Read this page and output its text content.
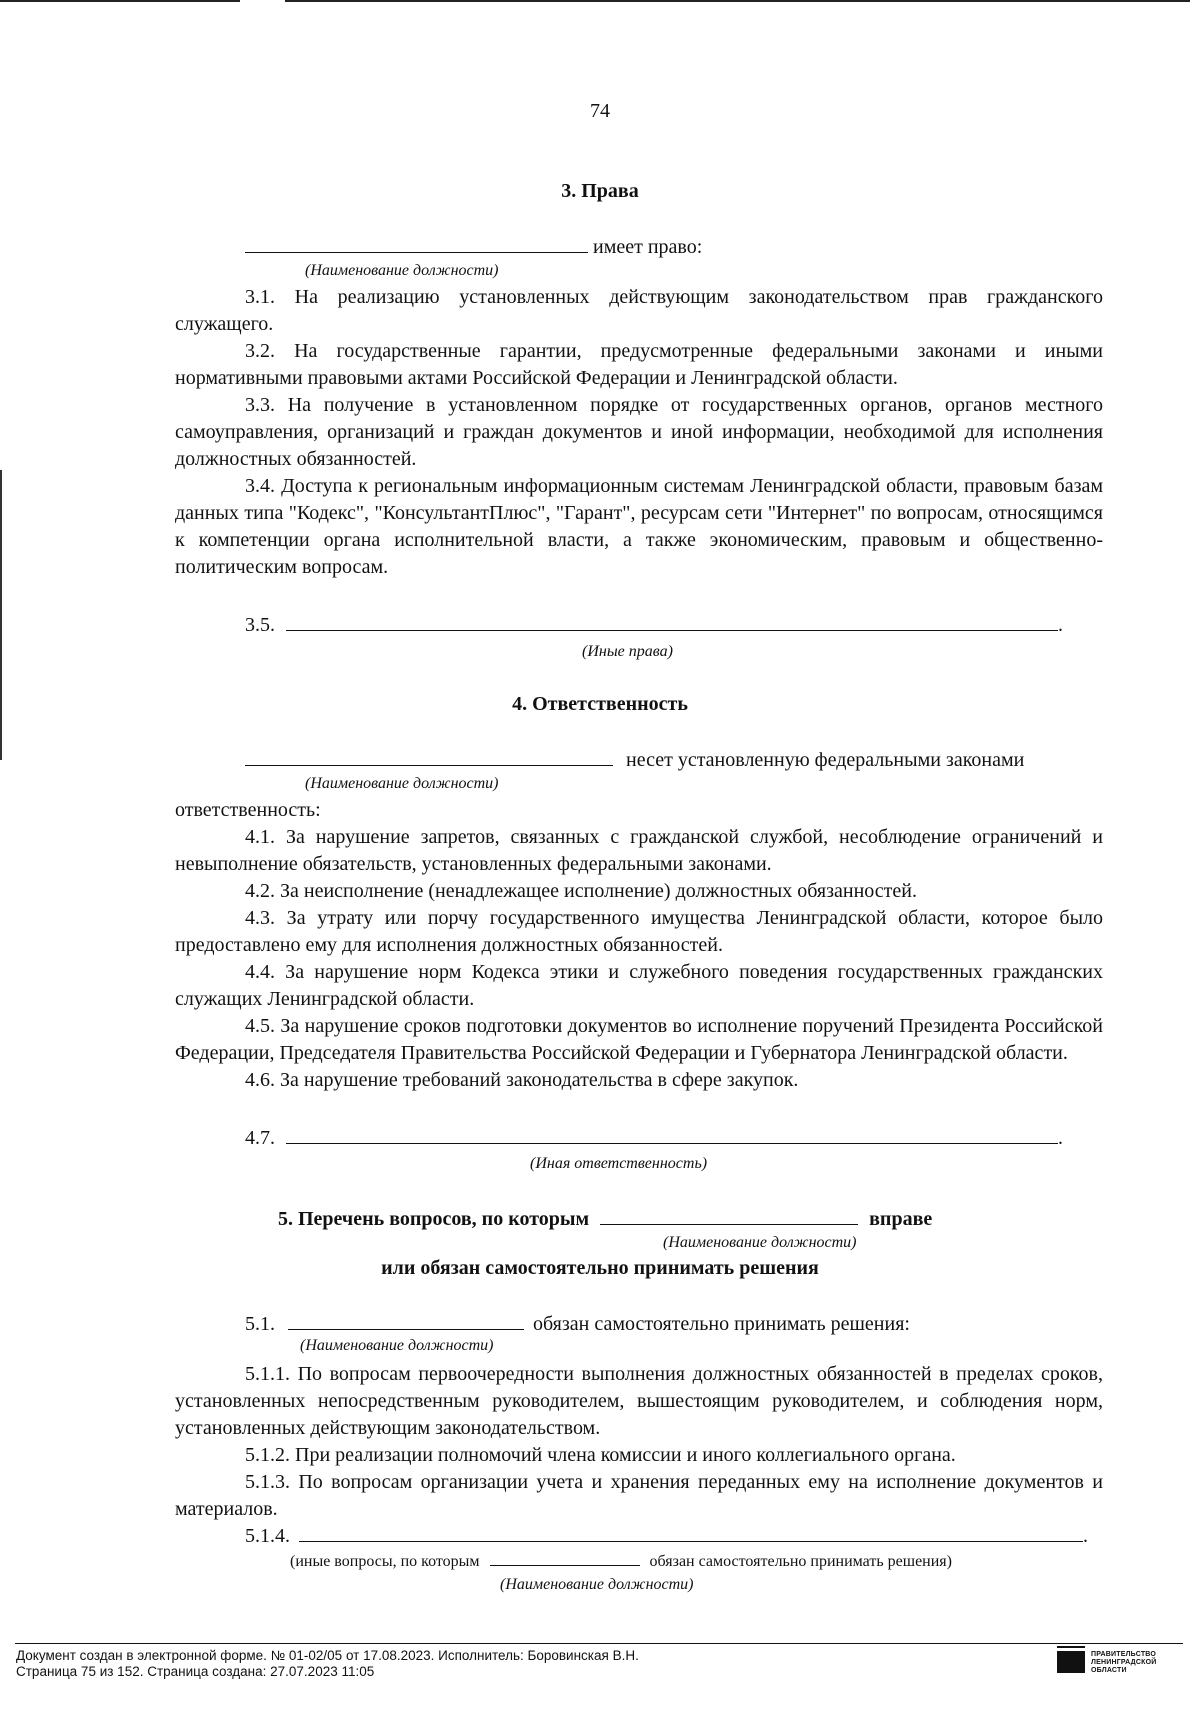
74
3. Права
имеет право:
(Наименование должности)

3.1. На реализацию установленных действующим законодательством прав гражданского служащего.

3.2. На государственные гарантии, предусмотренные федеральными законами и иными нормативными правовыми актами Российской Федерации и Ленинградской области.

3.3. На получение в установленном порядке от государственных органов, органов местного самоуправления, организаций и граждан документов и иной информации, необходимой для исполнения должностных обязанностей.

3.4. Доступа к региональным информационным системам Ленинградской области, правовым базам данных типа "Кодекс", "КонсультантПлюс", "Гарант", ресурсам сети "Интернет" по вопросам, относящимся к компетенции органа исполнительной власти, а также экономическим, правовым и общественно-политическим вопросам.

3.5.	.
(Иные права)
4. Ответственность
несет установленную федеральными законами
(Наименование должности)

ответственность:

4.1. За нарушение запретов, связанных с гражданской службой, несоблюдение ограничений и невыполнение обязательств, установленных федеральными законами.

4.2. За неисполнение (ненадлежащее исполнение) должностных обязанностей.

4.3. За утрату или порчу государственного имущества Ленинградской области, которое было предоставлено ему для исполнения должностных обязанностей.

4.4. За нарушение норм Кодекса этики и служебного поведения государственных гражданских служащих Ленинградской области.

4.5. За нарушение сроков подготовки документов во исполнение поручений Президента Российской Федерации, Председателя Правительства Российской Федерации и Губернатора Ленинградской области.

4.6. За нарушение требований законодательства в сфере закупок.

4.7.	.
(Иная ответственность)
5. Перечень вопросов, по которым	вправе
(Наименование должности)
или обязан самостоятельно принимать решения
5.1.	обязан самостоятельно принимать решения:
(Наименование должности)

5.1.1. По вопросам первоочередности выполнения должностных обязанностей в пределах сроков, установленных непосредственным руководителем, вышестоящим руководителем, и соблюдения норм, установленных действующим законодательством.

5.1.2. При реализации полномочий члена комиссии и иного коллегиального органа.

5.1.3. По вопросам организации учета и хранения переданных ему на исполнение документов и материалов.

5.1.4.	.
(иные вопросы, по которым	обязан самостоятельно принимать решения)
(Наименование должности)
Документ создан в электронной форме. № 01-02/05 от 17.08.2023. Исполнитель: Боровинская В.Н.
Страница 75 из 152. Страница создана: 27.07.2023 11:05
ПРАВИТЕЛЬСТВО
ЛЕНИНГРАДСКОЙ
ОБЛАСТИ
